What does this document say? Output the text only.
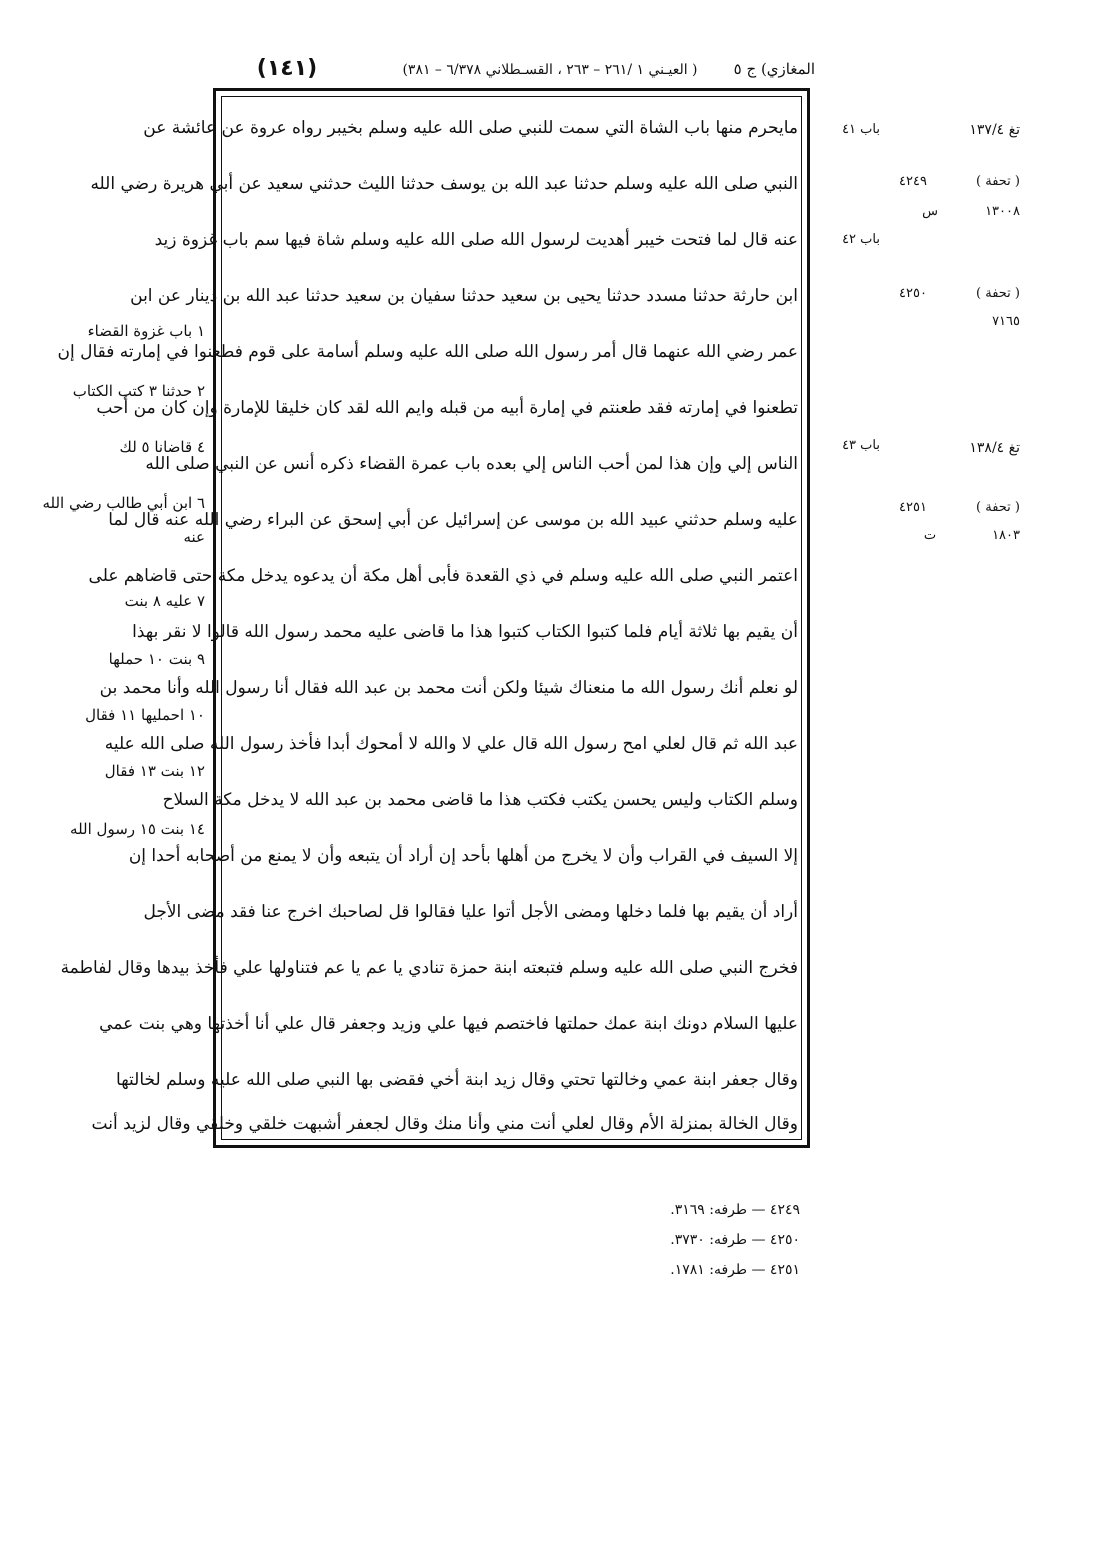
المغازي) ج ٥
( العيـني ١ /٢٦١ – ٢٦٣ ، القسـطلاني ٦/٣٧٨ – ٣٨١)
(١٤١)
مايحرم منها باب الشاة التي سمت للنبي صلى الله عليه وسلم بخيبر رواه عروة عن عائشة عن
النبي صلى الله عليه وسلم حدثنا عبد الله بن يوسف حدثنا الليث حدثني سعيد عن أبي هريرة رضي الله
عنه قال لما فتحت خيبر أهديت لرسول الله صلى الله عليه وسلم شاة فيها سم باب غزوة زيد
ابن حارثة حدثنا مسدد حدثنا يحيى بن سعيد حدثنا سفيان بن سعيد حدثنا عبد الله بن دينار عن ابن
عمر رضي الله عنهما قال أمر رسول الله صلى الله عليه وسلم أسامة على قوم فطعنوا في إمارته فقال إن
تطعنوا في إمارته فقد طعنتم في إمارة أبيه من قبله وايم الله لقد كان خليقا للإمارة وإن كان من أحب
الناس إلي وإن هذا لمن أحب الناس إلي بعده باب عمرة القضاء ذكره أنس عن النبي صلى الله
عليه وسلم حدثني عبيد الله بن موسى عن إسرائيل عن أبي إسحق عن البراء رضي الله عنه قال لما
اعتمر النبي صلى الله عليه وسلم في ذي القعدة فأبى أهل مكة أن يدعوه يدخل مكة حتى قاضاهم على
أن يقيم بها ثلاثة أيام فلما كتبوا الكتاب كتبوا هذا ما قاضى عليه محمد رسول الله قالوا لا نقر بهذا
لو نعلم أنك رسول الله ما منعناك شيئا ولكن أنت محمد بن عبد الله فقال أنا رسول الله وأنا محمد بن
عبد الله ثم قال لعلي امح رسول الله قال علي لا والله لا أمحوك أبدا فأخذ رسول الله صلى الله عليه
وسلم الكتاب وليس يحسن يكتب فكتب هذا ما قاضى محمد بن عبد الله لا يدخل مكة السلاح
إلا السيف في القراب وأن لا يخرج من أهلها بأحد إن أراد أن يتبعه وأن لا يمنع من أصحابه أحدا إن
أراد أن يقيم بها فلما دخلها ومضى الأجل أتوا عليا فقالوا قل لصاحبك اخرج عنا فقد مضى الأجل
فخرج النبي صلى الله عليه وسلم فتبعته ابنة حمزة تنادي يا عم يا عم فتناولها علي فأخذ بيدها وقال لفاطمة
عليها السلام دونك ابنة عمك حملتها فاختصم فيها علي وزيد وجعفر قال علي أنا أخذتها وهي بنت عمي
وقال جعفر ابنة عمي وخالتها تحتي وقال زيد ابنة أخي فقضى بها النبي صلى الله عليه وسلم لخالتها
وقال الخالة بمنزلة الأم وقال لعلي أنت مني وأنا منك وقال لجعفر أشبهت خلقي وخلقي وقال لزيد أنت
باب ٤١
باب ٤٢
باب ٤٣
تغ ١٣٧/٤
تغ ١٣٨/٤
( تحفة )
٤٢٤٩
س	١٣٠٠٨
( تحفة )
٤٢٥٠
٧١٦٥
( تحفة )
٤٢٥١
ت	١٨٠٣
١ باب غزوة القضاء
٢ حدثنا ٣ كتب الكتاب
٤ قاضانا ٥ لك
٦ ابن أبي طالب رضي الله
عنه
٧ عليه ٨ بنت
٩ بنت ١٠ حملها
١٠ احمليها ١١ فقال
١٢ بنت ١٣ فقال
١٤ بنت ١٥ رسول الله
٤٢٤٩ — طرفه: ٣١٦٩.
٤٢٥٠ — طرفه: ٣٧٣٠.
٤٢٥١ — طرفه: ١٧٨١.
